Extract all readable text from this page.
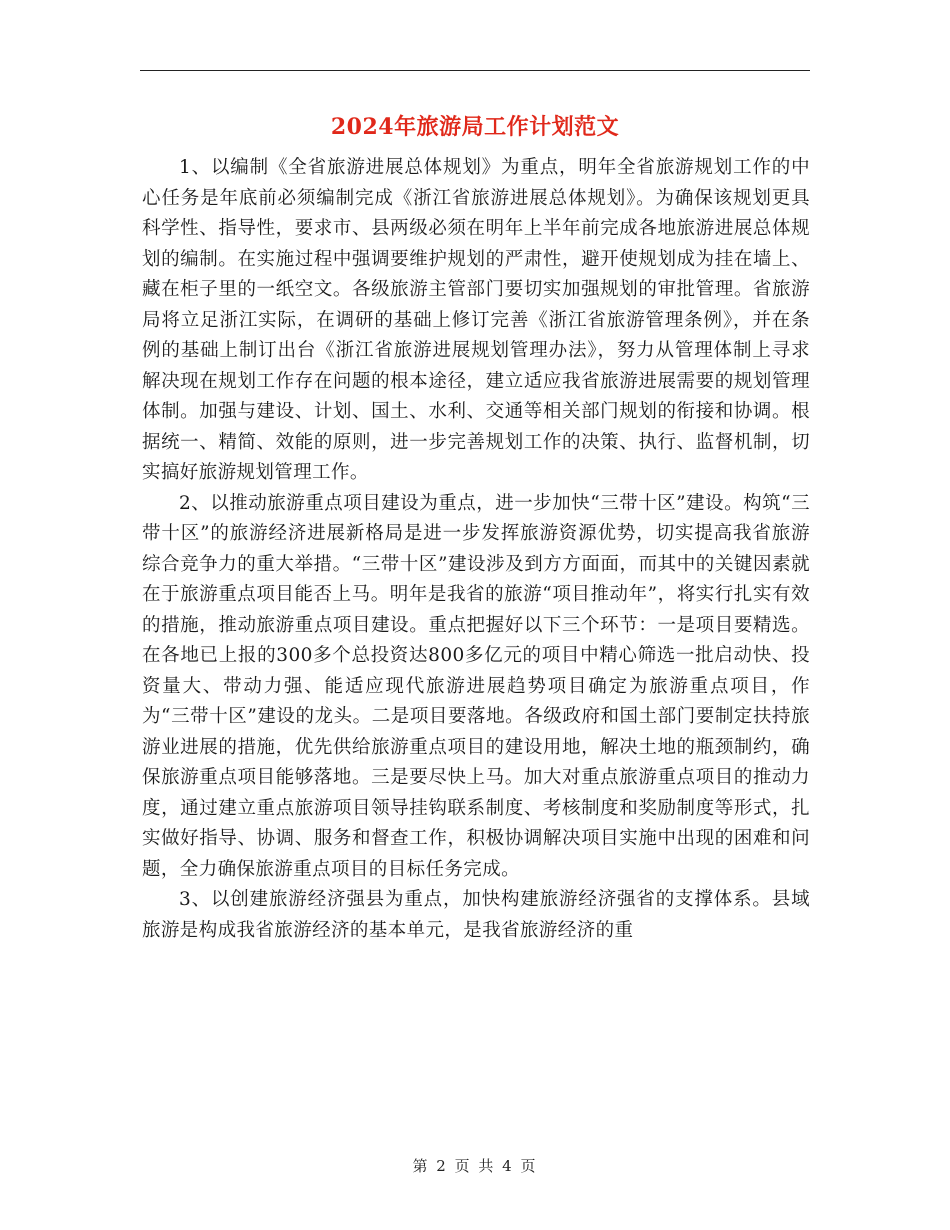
2024年旅游局工作计划范文

1、以编制《全省旅游进展总体规划》为重点，明年全省旅游规划工作的中心任务是年底前必须编制完成《浙江省旅游进展总体规划》。为确保该规划更具科学性、指导性，要求市、县两级必须在明年上半年前完成各地旅游进展总体规划的编制。在实施过程中强调要维护规划的严肃性，避开使规划成为挂在墙上、藏在柜子里的一纸空文。各级旅游主管部门要切实加强规划的审批管理。省旅游局将立足浙江实际，在调研的基础上修订完善《浙江省旅游管理条例》，并在条例的基础上制订出台《浙江省旅游进展规划管理办法》，努力从管理体制上寻求解决现在规划工作存在问题的根本途径，建立适应我省旅游进展需要的规划管理体制。加强与建设、计划、国土、水利、交通等相关部门规划的衔接和协调。根据统一、精简、效能的原则，进一步完善规划工作的决策、执行、监督机制，切实搞好旅游规划管理工作。

2、以推动旅游重点项目建设为重点，进一步加快“三带十区”建设。构筑“三带十区”的旅游经济进展新格局是进一步发挥旅游资源优势，切实提高我省旅游综合竞争力的重大举措。“三带十区”建设涉及到方方面面，而其中的关键因素就在于旅游重点项目能否上马。明年是我省的旅游“项目推动年”，将实行扎实有效的措施，推动旅游重点项目建设。重点把握好以下三个环节：一是项目要精选。在各地已上报的300多个总投资达800多亿元的项目中精心筛选一批启动快、投资量大、带动力强、能适应现代旅游进展趋势项目确定为旅游重点项目，作为“三带十区”建设的龙头。二是项目要落地。各级政府和国土部门要制定扶持旅游业进展的措施，优先供给旅游重点项目的建设用地，解决土地的瓶颈制约，确保旅游重点项目能够落地。三是要尽快上马。加大对重点旅游重点项目的推动力度，通过建立重点旅游项目领导挂钩联系制度、考核制度和奖励制度等形式，扎实做好指导、协调、服务和督查工作，积极协调解决项目实施中出现的困难和问题，全力确保旅游重点项目的目标任务完成。

3、以创建旅游经济强县为重点，加快构建旅游经济强省的支撑体系。县域旅游是构成我省旅游经济的基本单元，是我省旅游经济的重

第 2 页 共 4 页
